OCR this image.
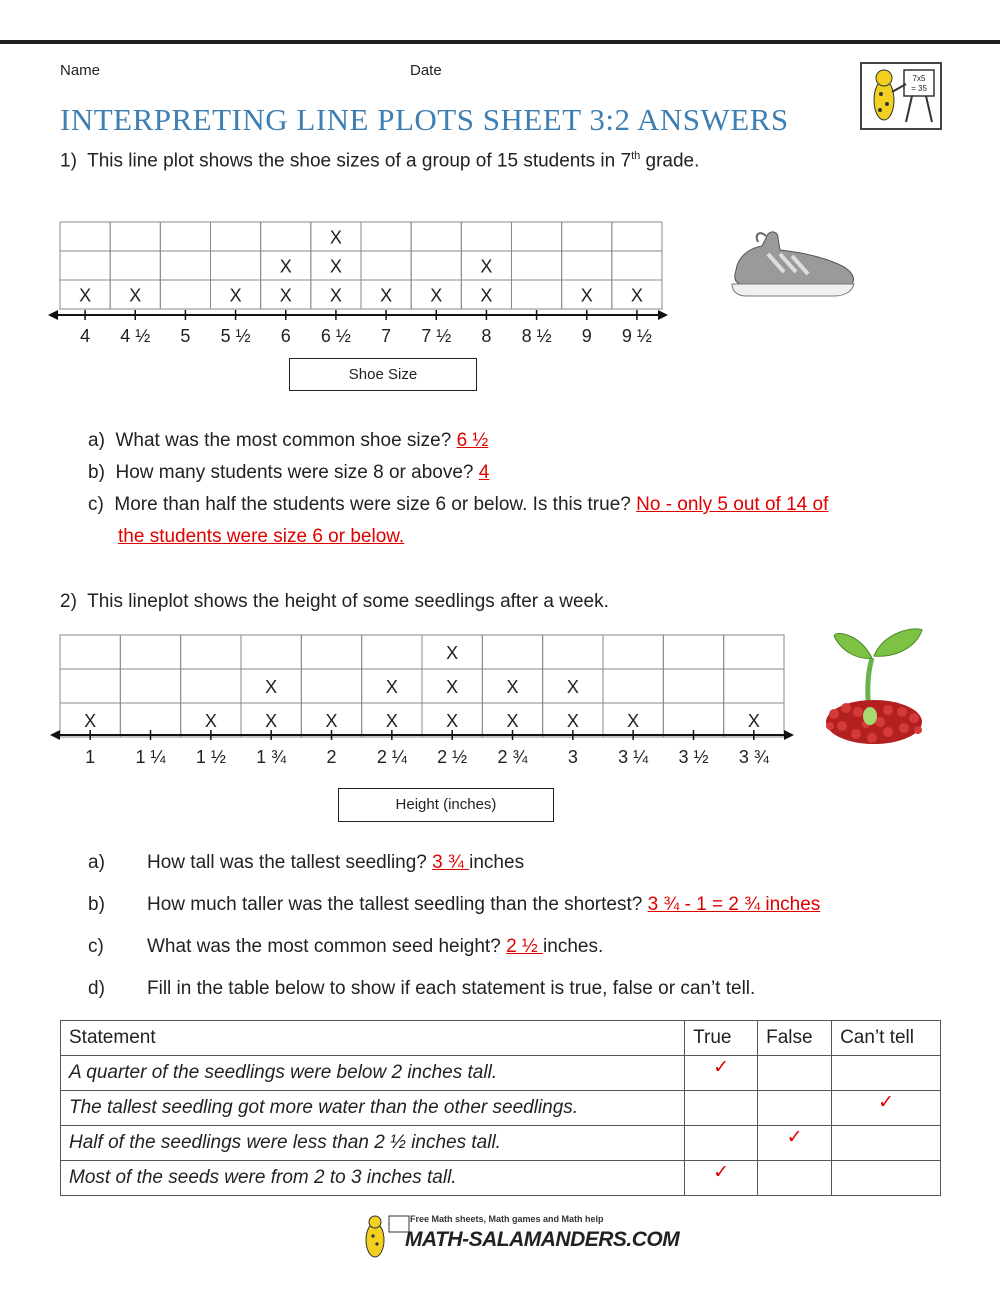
Name	Date
INTERPRETING LINE PLOTS SHEET 3:2 ANSWERS
7x5
= 35
1) This line plot shows the shoe sizes of a group of 15 students in 7th grade.
4
X
4 ½
X
5 5 ½
X
6
X
X
6 ½
X
X
X
7
X
7 ½
X
8
X
X
8 ½ 9
X
9 ½
X
Shoe Size
a) What was the most common shoe size? 6 ½
b) How many students were size 8 or above? 4
c) More than half the students were size 6 or below. Is this true? No - only 5 out of 14 of
the students were size 6 or below.
2) This lineplot shows the height of some seedlings after a week.
1
X
1 ¼ 1 ½
X
1 ¾
X
X
2
X
2 ¼
X
X
2 ½
X
X
X
2 ¾
X
X
3
X
X
3 ¼
X
3 ½ 3 ¾
X
Height (inches)
a) How tall was the tallest seedling? 3 ¾ inches
b) How much taller was the tallest seedling than the shortest? 3 ¾ - 1 = 2 ¾ inches
c) What was the most common seed height? 2 ½ inches.
d) Fill in the table below to show if each statement is true, false or can’t tell.
Statement	True	False	Can’t tell
A quarter of the seedlings were below 2 inches tall.	✓		
The tallest seedling got more water than the other seedlings.			✓
Half of the seedlings were less than 2 ½ inches tall.		✓	
Most of the seeds were from 2 to 3 inches tall.	✓		
Free Math sheets, Math games and Math help
MATH-SALAMANDERS.COM
